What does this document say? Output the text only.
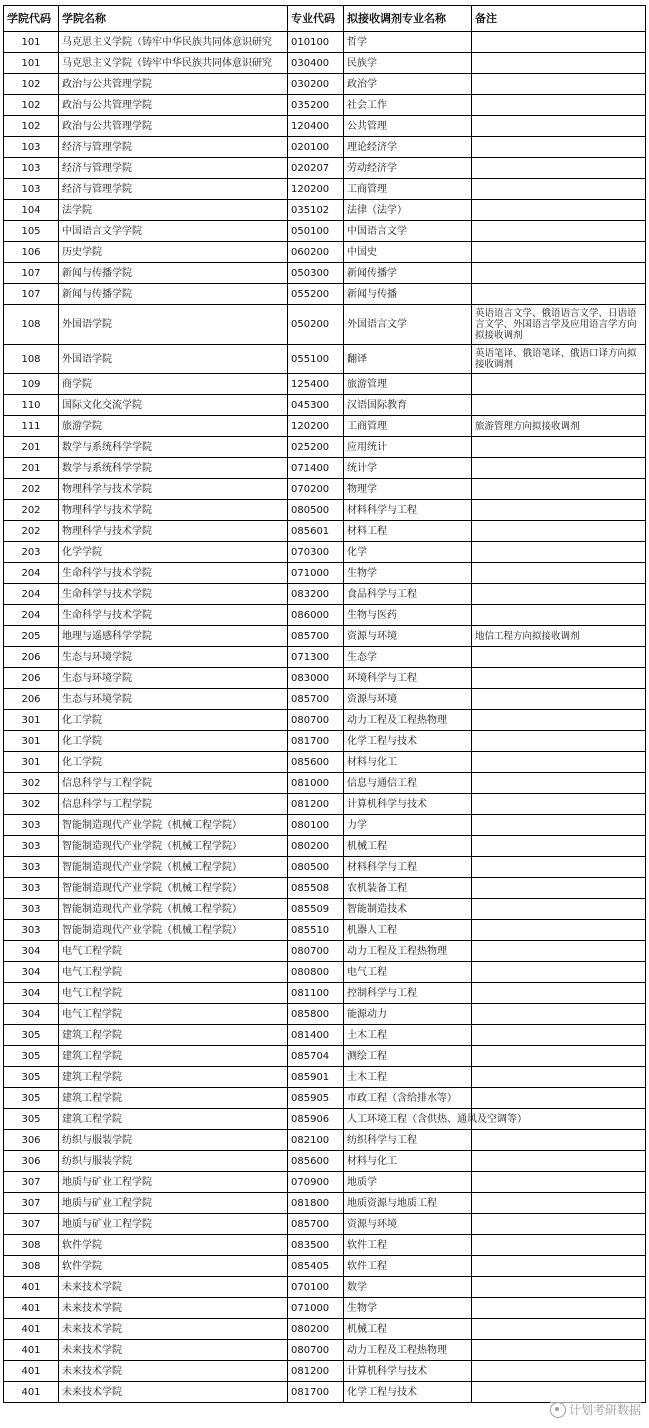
学院代码	学院名称	专业代码	拟接收调剂专业名称	备注
101	马克思主义学院（铸牢中华民族共同体意识研究	010100	哲学	
101	马克思主义学院（铸牢中华民族共同体意识研究	030400	民族学	
102	政治与公共管理学院	030200	政治学	
102	政治与公共管理学院	035200	社会工作	
102	政治与公共管理学院	120400	公共管理	
103	经济与管理学院	020100	理论经济学	
103	经济与管理学院	020207	劳动经济学	
103	经济与管理学院	120200	工商管理	
104	法学院	035102	法律（法学）	
105	中国语言文学学院	050100	中国语言文学	
106	历史学院	060200	中国史	
107	新闻与传播学院	050300	新闻传播学	
107	新闻与传播学院	055200	新闻与传播	
108	外国语学院	050200	外国语言文学	英语语言文学、俄语语言文学、日语语言文学、外国语言学及应用语言学方向拟接收调剂
108	外国语学院	055100	翻译	英语笔译、俄语笔译、俄语口译方向拟接收调剂
109	商学院	125400	旅游管理	
110	国际文化交流学院	045300	汉语国际教育	
111	旅游学院	120200	工商管理	旅游管理方向拟接收调剂
201	数学与系统科学学院	025200	应用统计	
201	数学与系统科学学院	071400	统计学	
202	物理科学与技术学院	070200	物理学	
202	物理科学与技术学院	080500	材料科学与工程	
202	物理科学与技术学院	085601	材料工程	
203	化学学院	070300	化学	
204	生命科学与技术学院	071000	生物学	
204	生命科学与技术学院	083200	食品科学与工程	
204	生命科学与技术学院	086000	生物与医药	
205	地理与遥感科学学院	085700	资源与环境	地信工程方向拟接收调剂
206	生态与环境学院	071300	生态学	
206	生态与环境学院	083000	环境科学与工程	
206	生态与环境学院	085700	资源与环境	
301	化工学院	080700	动力工程及工程热物理	
301	化工学院	081700	化学工程与技术	
301	化工学院	085600	材料与化工	
302	信息科学与工程学院	081000	信息与通信工程	
302	信息科学与工程学院	081200	计算机科学与技术	
303	智能制造现代产业学院（机械工程学院）	080100	力学	
303	智能制造现代产业学院（机械工程学院）	080200	机械工程	
303	智能制造现代产业学院（机械工程学院）	080500	材料科学与工程	
303	智能制造现代产业学院（机械工程学院）	085508	农机装备工程	
303	智能制造现代产业学院（机械工程学院）	085509	智能制造技术	
303	智能制造现代产业学院（机械工程学院）	085510	机器人工程	
304	电气工程学院	080700	动力工程及工程热物理	
304	电气工程学院	080800	电气工程	
304	电气工程学院	081100	控制科学与工程	
304	电气工程学院	085800	能源动力	
305	建筑工程学院	081400	土木工程	
305	建筑工程学院	085704	测绘工程	
305	建筑工程学院	085901	土木工程	
305	建筑工程学院	085905	市政工程（含给排水等）	
305	建筑工程学院	085906	人工环境工程（含供热、通风及空调等）	
306	纺织与服装学院	082100	纺织科学与工程	
306	纺织与服装学院	085600	材料与化工	
307	地质与矿业工程学院	070900	地质学	
307	地质与矿业工程学院	081800	地质资源与地质工程	
307	地质与矿业工程学院	085700	资源与环境	
308	软件学院	083500	软件工程	
308	软件学院	085405	软件工程	
401	未来技术学院	070100	数学	
401	未来技术学院	071000	生物学	
401	未来技术学院	080200	机械工程	
401	未来技术学院	080700	动力工程及工程热物理	
401	未来技术学院	081200	计算机科学与技术	
401	未来技术学院	081700	化学工程与技术	
计划考研数据
